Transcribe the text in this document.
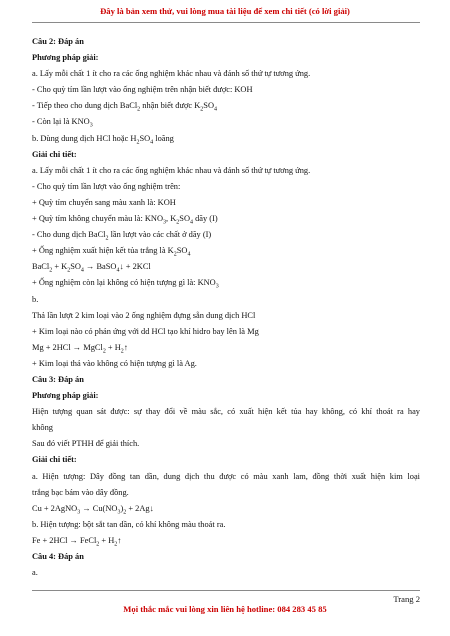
Đây là bản xem thử, vui lòng mua tài liệu để xem chi tiết (có lời giải)
Câu 2: Đáp án
Phương pháp giải:
a. Lấy mỗi chất 1 ít cho ra các ống nghiệm khác nhau và đánh số thứ tự tương ứng.
- Cho quỳ tím lần lượt vào ống nghiệm trên nhận biết được: KOH
- Tiếp theo cho dung dịch BaCl$_2$ nhận biết được $K_2SO_4$
- Còn lại là $KNO_3$
b. Dùng dung dịch HCl hoặc $H_2SO_4$ loãng
Giải chi tiết:
a. Lấy mỗi chất 1 ít cho ra các ống nghiệm khác nhau và đánh số thứ tự tương ứng.
- Cho quỳ tím lần lượt vào ống nghiệm trên:
+ Quỳ tím chuyển sang màu xanh là: KOH
+ Quỳ tím không chuyển màu là: $KNO_3$, $K_2SO_4$ dãy (I)
- Cho dung dịch BaCl$_2$ lần lượt vào các chất ở dãy (I)
+ Ống nghiệm xuất hiện kết tủa trắng là $K_2SO_4$
BaCl$_2$ + $K_2SO_4$ → BaSO$_4$↓ + 2KCl
+ Ống nghiệm còn lại không có hiện tượng gì là: $KNO_3$
b.
Thả lần lượt 2 kim loại vào 2 ống nghiệm đựng sẵn dung dịch HCl
+ Kim loại nào có phản ứng với dd HCl tạo khí hidro bay lên là Mg
Mg + 2HCl → MgCl$_2$ + $H_2↑$
+ Kim loại thả vào không có hiện tượng gì là Ag.
Câu 3: Đáp án
Phương pháp giải:
Hiện tượng quan sát được: sự thay đổi về màu sắc, có xuất hiện kết tủa hay không, có khí thoát ra hay
không
Sau đó viết PTHH để giải thích.
Giải chi tiết:
a. Hiện tượng: Dây đồng tan dần, dung dịch thu được có màu xanh lam, đồng thời xuất hiện kim loại
trắng bạc bám vào dây đồng.
Cu + 2AgNO$_3$ → $Cu(NO_3)_2$ + 2Ag↓
b. Hiện tượng: bột sắt tan dần, có khí không màu thoát ra.
Fe + 2HCl → FeCl$_2$ + $H_2↑$
Câu 4: Đáp án
a.
Trang 2
Mọi thắc mắc vui lòng xin liên hệ hotline: 084 283 45 85
